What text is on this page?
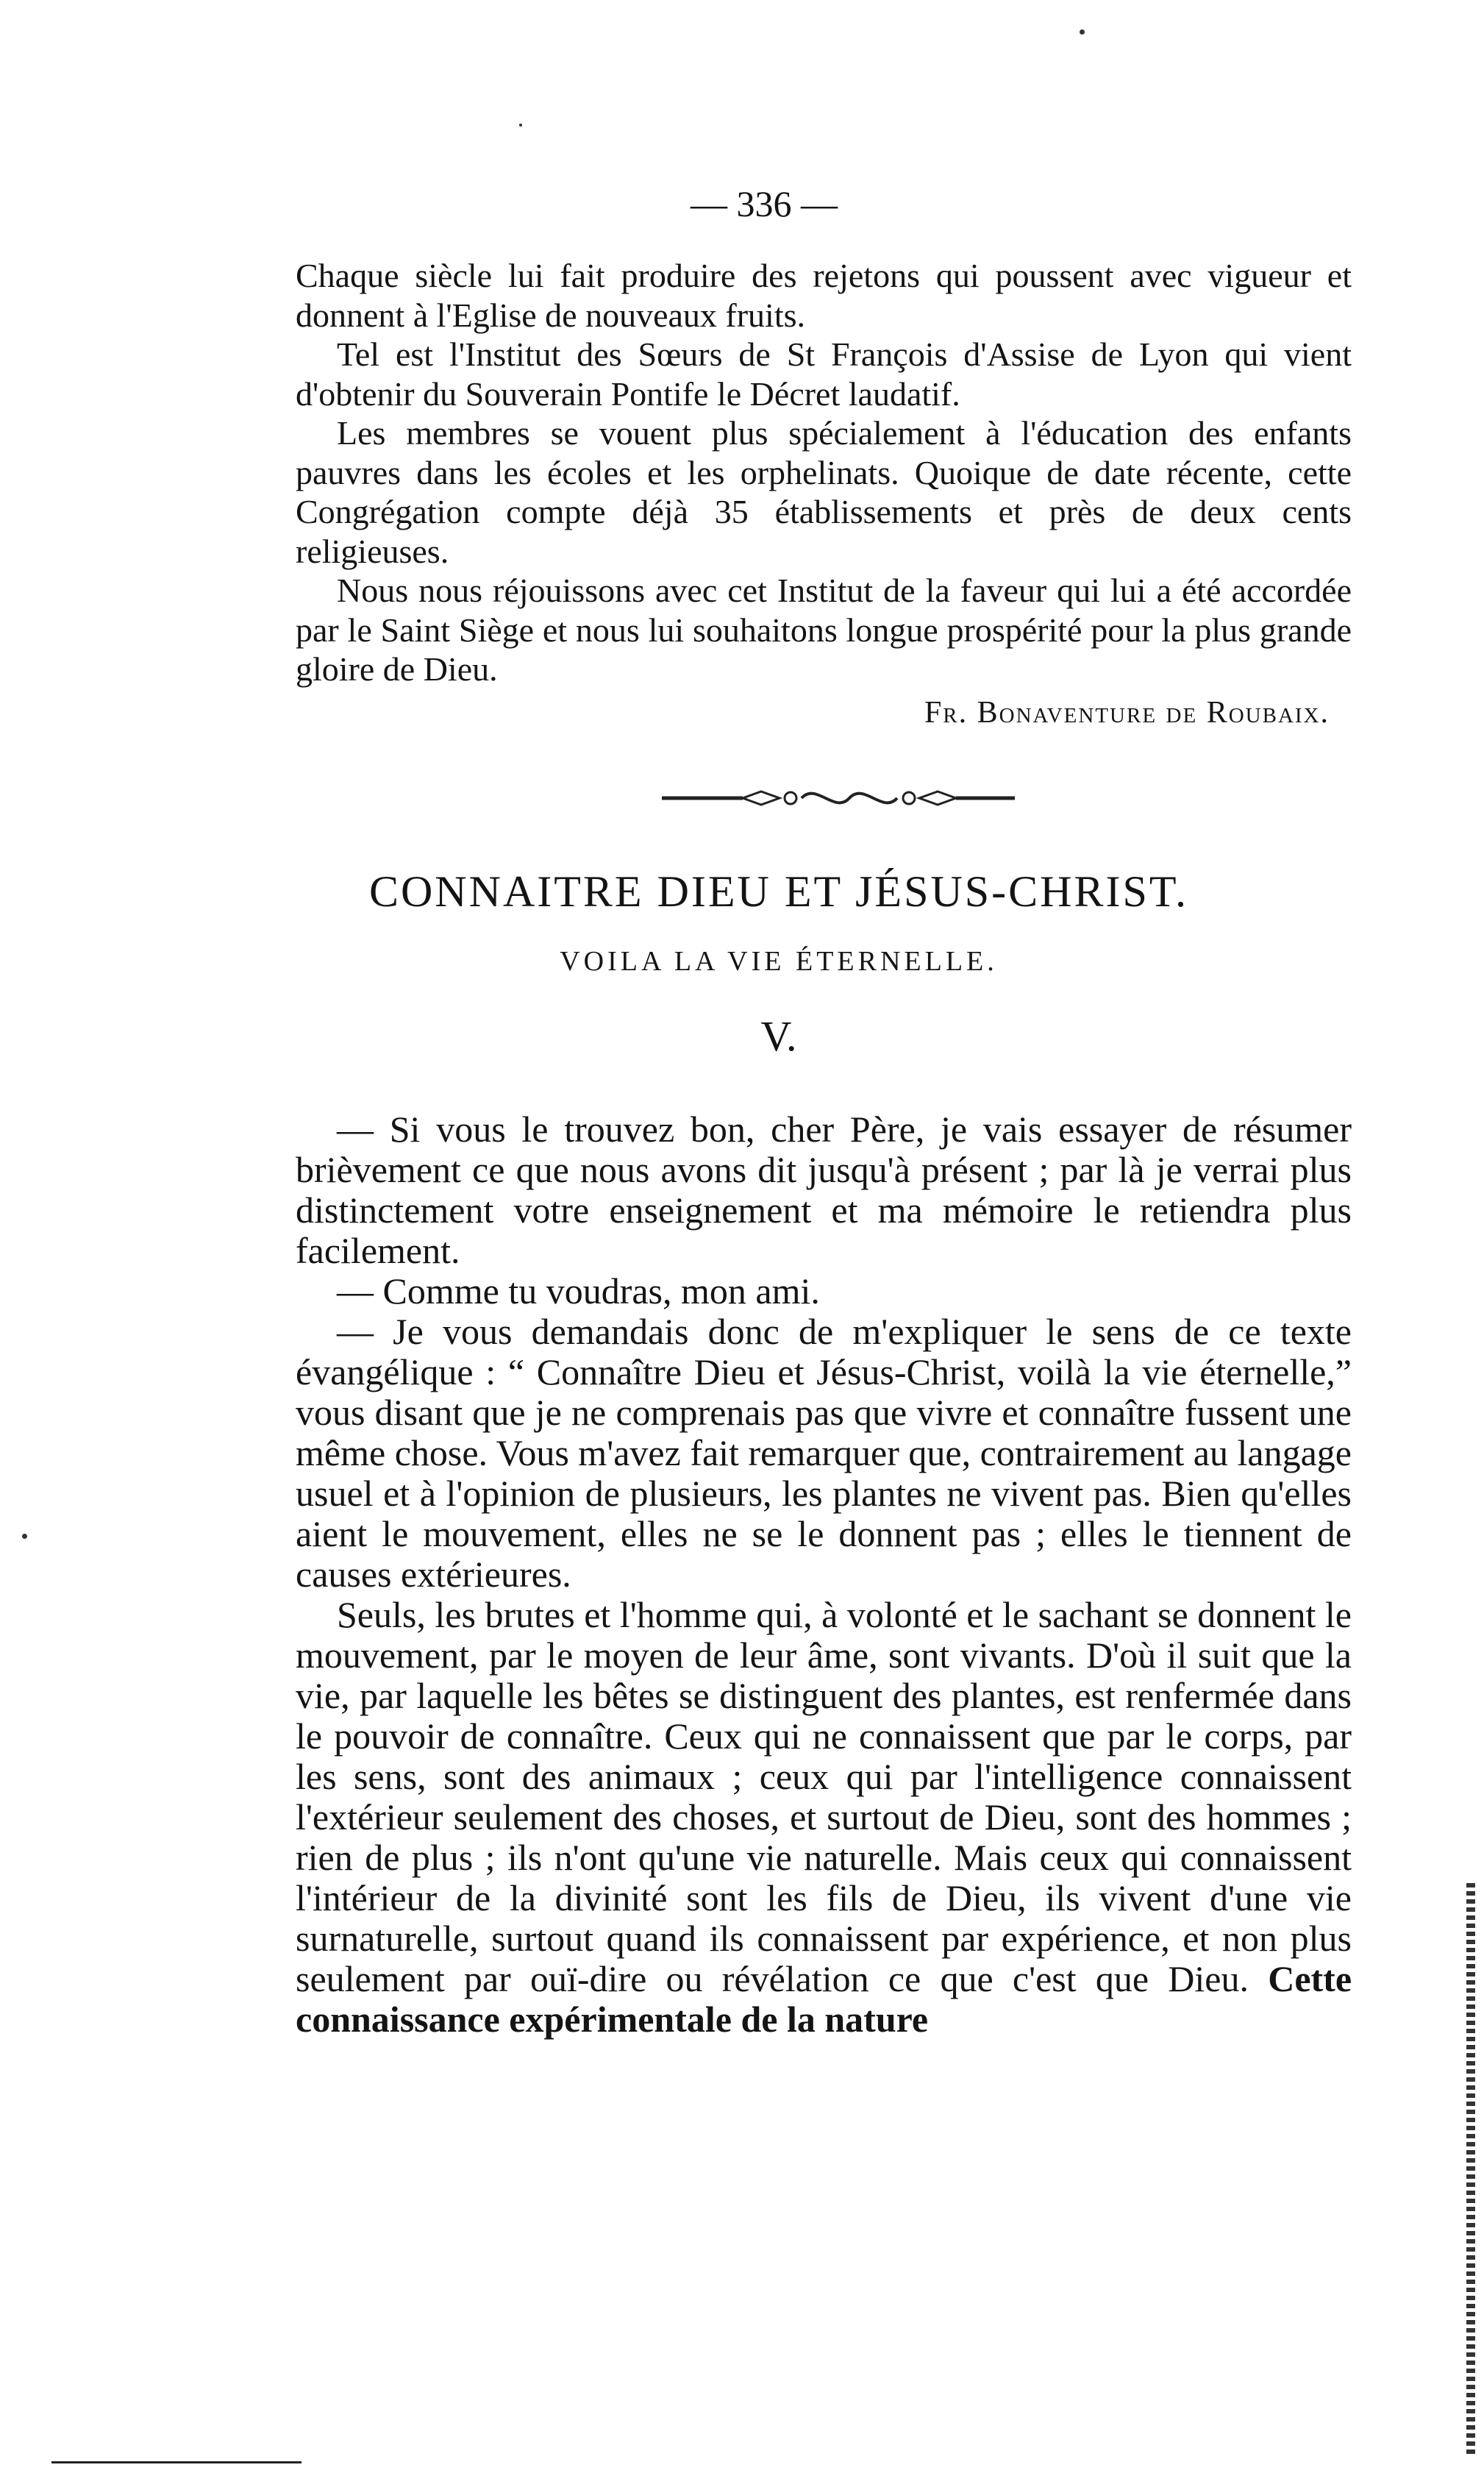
— 336 —

Chaque siècle lui fait produire des rejetons qui poussent avec vigueur et donnent à l'Eglise de nouveaux fruits.

Tel est l'Institut des Sœurs de St François d'Assise de Lyon qui vient d'obtenir du Souverain Pontife le Décret laudatif.

Les membres se vouent plus spécialement à l'éducation des enfants pauvres dans les écoles et les orphelinats. Quoique de date récente, cette Congrégation compte déjà 35 établissements et près de deux cents religieuses.

Nous nous réjouissons avec cet Institut de la faveur qui lui a été accordée par le Saint Siège et nous lui souhaitons longue prospérité pour la plus grande gloire de Dieu.

Fr. Bonaventure de Roubaix.
CONNAITRE DIEU ET JÉSUS-CHRIST.
VOILA LA VIE ÉTERNELLE.
V.

— Si vous le trouvez bon, cher Père, je vais essayer de résumer brièvement ce que nous avons dit jusqu'à présent ; par là je verrai plus distinctement votre enseignement et ma mémoire le retiendra plus facilement.

— Comme tu voudras, mon ami.

— Je vous demandais donc de m'expliquer le sens de ce texte évangélique : “ Connaître Dieu et Jésus-Christ, voilà la vie éternelle,” vous disant que je ne comprenais pas que vivre et connaître fussent une même chose. Vous m'avez fait remarquer que, contrairement au langage usuel et à l'opinion de plusieurs, les plantes ne vivent pas. Bien qu'elles aient le mouvement, elles ne se le donnent pas ; elles le tiennent de causes extérieures.

Seuls, les brutes et l'homme qui, à volonté et le sachant se donnent le mouvement, par le moyen de leur âme, sont vivants. D'où il suit que la vie, par laquelle les bêtes se distinguent des plantes, est renfermée dans le pouvoir de connaître. Ceux qui ne connaissent que par le corps, par les sens, sont des animaux ; ceux qui par l'intelligence connaissent l'extérieur seulement des choses, et surtout de Dieu, sont des hommes ; rien de plus ; ils n'ont qu'une vie naturelle. Mais ceux qui connaissent l'intérieur de la divinité sont les fils de Dieu, ils vivent d'une vie surnaturelle, surtout quand ils connaissent par expérience, et non plus seulement par ouï-dire ou révélation ce que c'est que Dieu. Cette connaissance expérimentale de la nature
